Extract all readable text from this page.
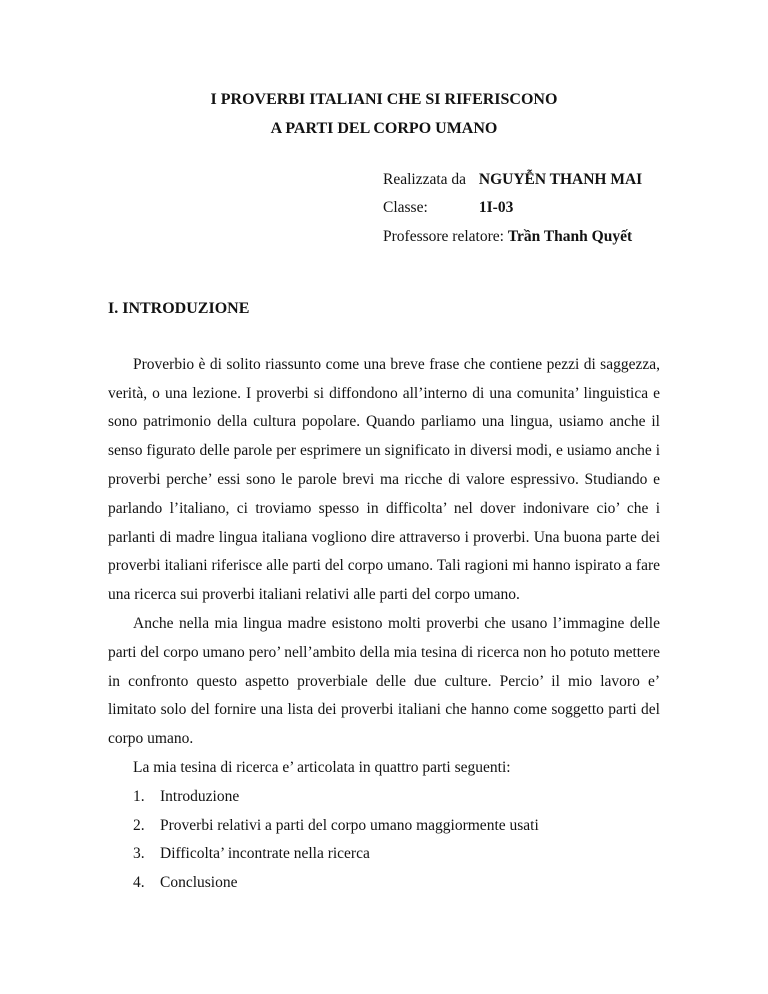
I PROVERBI ITALIANI CHE SI RIFERISCONO
A PARTI DEL CORPO UMANO
Realizzata da NGUYỄN THANH MAI
Classe:	1I-03
Professore relatore: Trần Thanh Quyết
I. INTRODUZIONE
Proverbio è di solito riassunto come una breve frase che contiene pezzi di saggezza,
verità, o una lezione. I proverbi si diffondono all’interno di una comunita’ linguistica e
sono patrimonio della cultura popolare. Quando parliamo una lingua, usiamo anche il
senso figurato delle parole per esprimere un significato in diversi modi, e usiamo anche i
proverbi perche’ essi sono le parole brevi ma ricche di valore espressivo. Studiando e
parlando l’italiano, ci troviamo spesso in difficolta’ nel dover indonivare cio’ che i
parlanti di madre lingua italiana vogliono dire attraverso i proverbi. Una buona parte dei
proverbi italiani riferisce alle parti del corpo umano. Tali ragioni mi hanno ispirato a fare
una ricerca sui proverbi italiani relativi alle parti del corpo umano.
Anche nella mia lingua madre esistono molti proverbi che usano l’immagine delle
parti del corpo umano pero’ nell’ambito della mia tesina di ricerca non ho potuto mettere
in confronto questo aspetto proverbiale delle due culture. Percio’ il mio lavoro e’
limitato solo del fornire una lista dei proverbi italiani che hanno come soggetto parti del
corpo umano.
La mia tesina di ricerca e’ articolata in quattro parti seguenti:
1. Introduzione
2. Proverbi relativi a parti del corpo umano maggiormente usati
3. Difficolta’ incontrate nella ricerca
4. Conclusione
